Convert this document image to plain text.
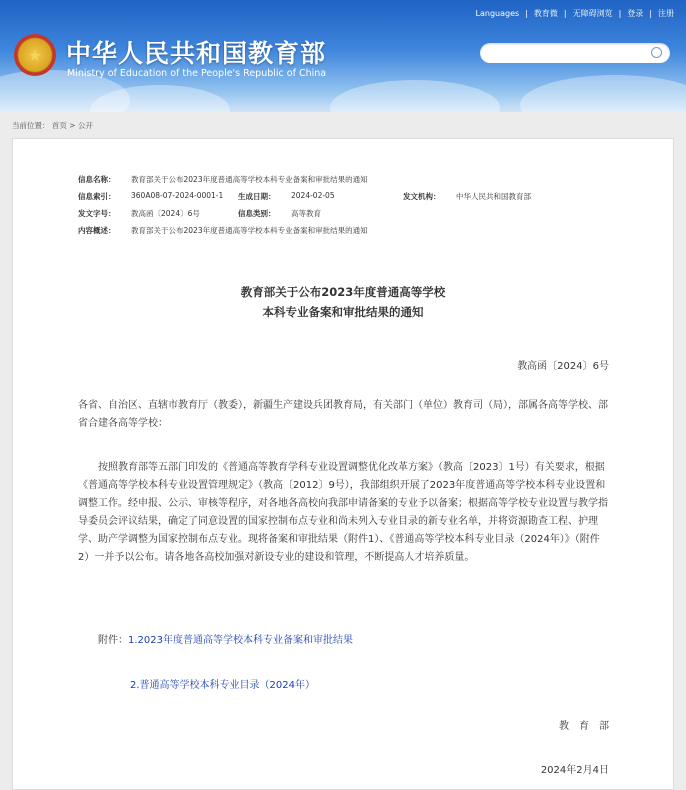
Languages | 教育微 | 无障碍浏览 | 登录 | 注册
★ 中华人民共和国教育部
Ministry of Education of the People's Republic of China
当前位置： 首页 > 公开
信息名称： 教育部关于公布2023年度普通高等学校本科专业备案和审批结果的通知
信息索引： 360A08-07-2024-0001-1 生成日期： 2024-02-05	发文机构： 中华人民共和国教育部
发文字号： 教高函〔2024〕6号	信息类别： 高等教育
内容概述： 教育部关于公布2023年度普通高等学校本科专业备案和审批结果的通知
教育部关于公布2023年度普通高等学校
本科专业备案和审批结果的通知
教高函〔2024〕6号
各省、自治区、直辖市教育厅（教委），新疆生产建设兵团教育局，有关部门（单位）教育司（局），部属各高等学校、部省合建各高等学校：
按照教育部等五部门印发的《普通高等教育学科专业设置调整优化改革方案》（教高〔2023〕1号）有关要求，根据《普通高等学校本科专业设置管理规定》（教高〔2012〕9号），我部组织开展了2023年度普通高等学校本科专业设置和调整工作。经申报、公示、审核等程序，对各地各高校向我部申请备案的专业予以备案；根据高等学校专业设置与教学指导委员会评议结果，确定了同意设置的国家控制布点专业和尚未列入专业目录的新专业名单，并将资源勘查工程、护理学、助产学调整为国家控制布点专业。现将备案和审批结果（附件1）、《普通高等学校本科专业目录（2024年）》（附件2）一并予以公布。请各地各高校加强对新设专业的建设和管理，不断提高人才培养质量。
附件：1.2023年度普通高等学校本科专业备案和审批结果
2.普通高等学校本科专业目录（2024年）
教　育　部
2024年2月4日
